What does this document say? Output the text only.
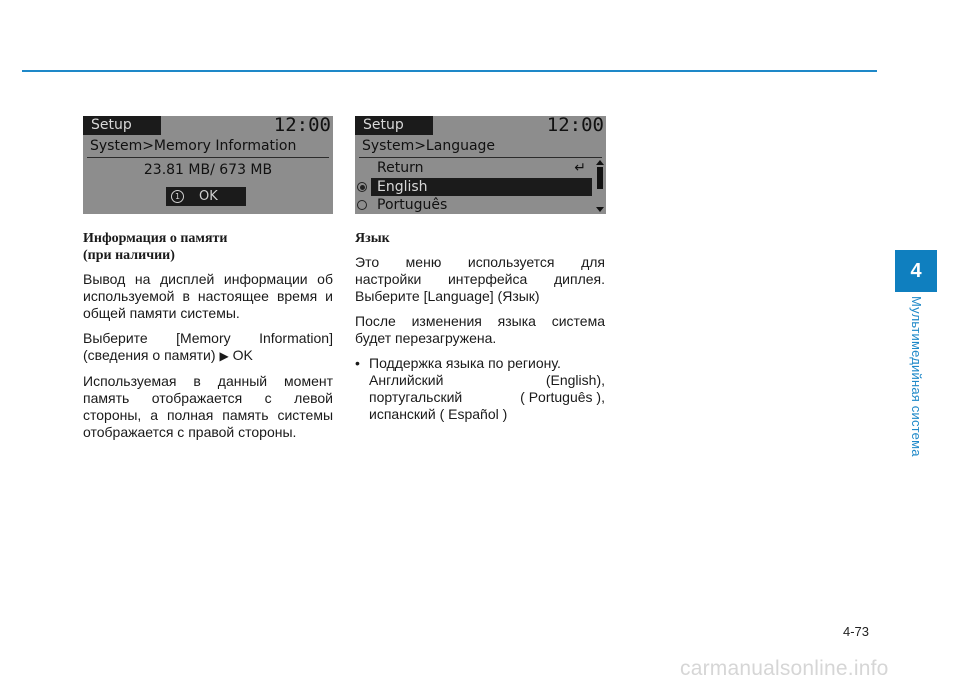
Setup	12:00
System>Memory Information
23.81 MB/ 673 MB
1	OK
Setup	12:00
System>Language
Return	↵
English
Português
Информация о памяти
(при наличии)

Вывод на дисплей информации об используемой в настоящее время и общей памяти системы.

Выберите [Memory Information] (сведения о памяти) ▶ OK

Используемая в данный момент память отображается с левой стороны, а полная память системы отображается с правой стороны.

Язык

Это меню используется для настройки интерфейса диплея. Выберите [Language] (Язык)

После изменения языка система будет перезагружена.

• Поддержка языка по региону.
Английский	(English),
португальский	( Português ),
испанский ( Español )
4
Мультимедийная система
4-73
carmanualsonline.info
